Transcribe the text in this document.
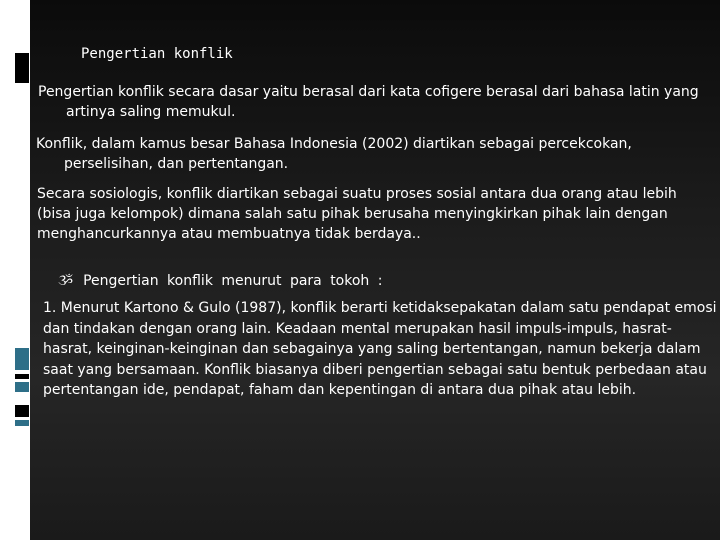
Pengertian konflik

Pengertian konflik secara dasar yaitu berasal dari kata cofigere berasal dari bahasa latin yang artinya saling memukul.

Konflik, dalam kamus besar Bahasa Indonesia (2002) diartikan sebagai percekcokan, perselisihan, dan pertentangan.

Secara sosiologis, konflik diartikan sebagai suatu proses sosial antara dua orang atau lebih (bisa juga kelompok) dimana salah satu pihak berusaha menyingkirkan pihak lain dengan menghancurkannya atau membuatnya tidak berdaya..

ૐ Pengertian konflik menurut para tokoh :

1. Menurut Kartono & Gulo (1987), konflik berarti ketidaksepakatan dalam satu pendapat emosi dan tindakan dengan orang lain. Keadaan mental merupakan hasil impuls-impuls, hasrat-hasrat, keinginan-keinginan dan sebagainya yang saling bertentangan, namun bekerja dalam saat yang bersamaan. Konflik biasanya diberi pengertian sebagai satu bentuk perbedaan atau pertentangan ide, pendapat, faham dan kepentingan di antara dua pihak atau lebih.
